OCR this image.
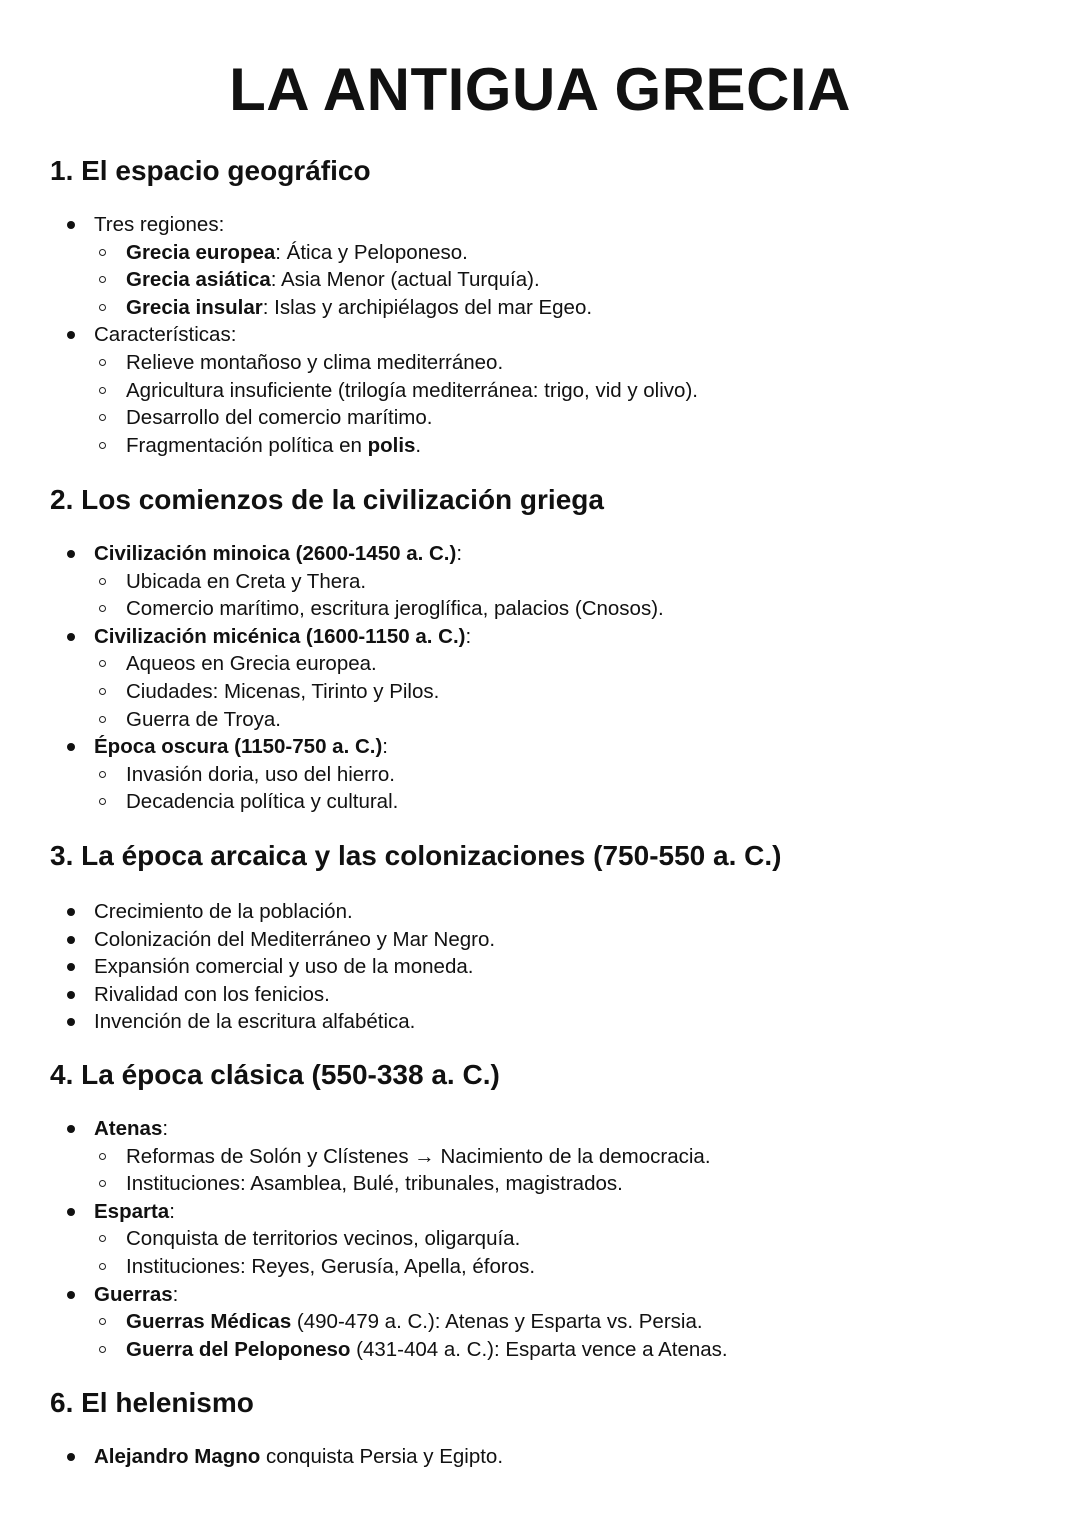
LA ANTIGUA GRECIA
1. El espacio geográfico
Tres regiones:
Grecia europea: Ática y Peloponeso.
Grecia asiática: Asia Menor (actual Turquía).
Grecia insular: Islas y archipiélagos del mar Egeo.
Características:
Relieve montañoso y clima mediterráneo.
Agricultura insuficiente (trilogía mediterránea: trigo, vid y olivo).
Desarrollo del comercio marítimo.
Fragmentación política en polis.
2. Los comienzos de la civilización griega
Civilización minoica (2600-1450 a. C.):
Ubicada en Creta y Thera.
Comercio marítimo, escritura jeroglífica, palacios (Cnosos).
Civilización micénica (1600-1150 a. C.):
Aqueos en Grecia europea.
Ciudades: Micenas, Tirinto y Pilos.
Guerra de Troya.
Época oscura (1150-750 a. C.):
Invasión doria, uso del hierro.
Decadencia política y cultural.
3. La época arcaica y las colonizaciones (750-550 a. C.)
Crecimiento de la población.
Colonización del Mediterráneo y Mar Negro.
Expansión comercial y uso de la moneda.
Rivalidad con los fenicios.
Invención de la escritura alfabética.
4. La época clásica (550-338 a. C.)
Atenas:
Reformas de Solón y Clístenes → Nacimiento de la democracia.
Instituciones: Asamblea, Bulé, tribunales, magistrados.
Esparta:
Conquista de territorios vecinos, oligarquía.
Instituciones: Reyes, Gerusía, Apella, éforos.
Guerras:
Guerras Médicas (490-479 a. C.): Atenas y Esparta vs. Persia.
Guerra del Peloponeso (431-404 a. C.): Esparta vence a Atenas.
6. El helenismo
Alejandro Magno conquista Persia y Egipto.
